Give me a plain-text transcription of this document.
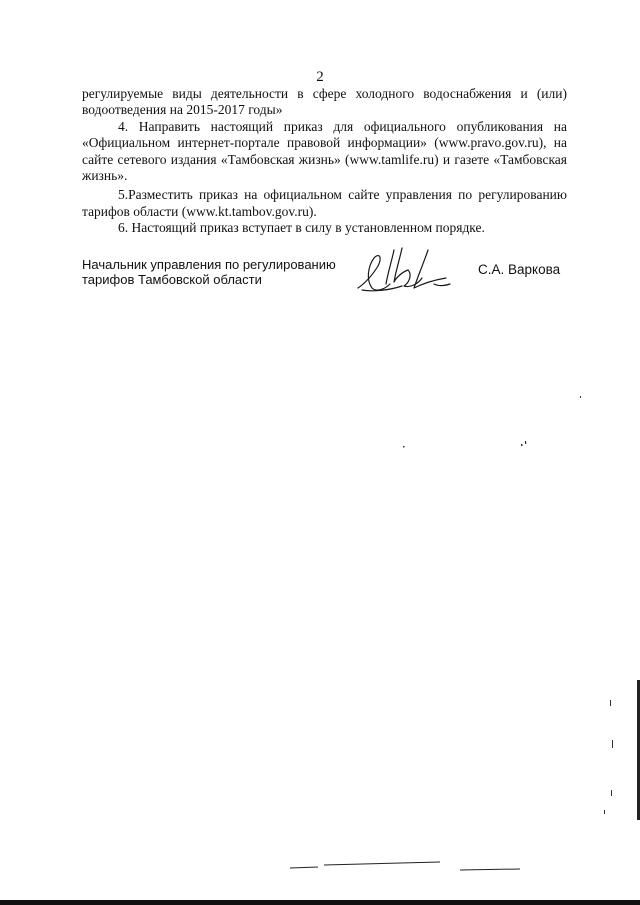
2

регулируемые виды деятельности в сфере холодного водоснабжения и (или) водоотведения на 2015-2017 годы»

4. Направить настоящий приказ для официального опубликования на «Официальном интернет-портале правовой информации» (www.pravo.gov.ru), на сайте сетевого издания «Тамбовская жизнь» (www.tamlife.ru) и газете «Тамбовская жизнь».

5.Разместить приказ на официальном сайте управления по регулированию тарифов области (www.kt.tambov.gov.ru).

6. Настоящий приказ вступает в силу в установленном порядке.

Начальник управления по регулированию
тарифов Тамбовской области
С.А. Варкова
